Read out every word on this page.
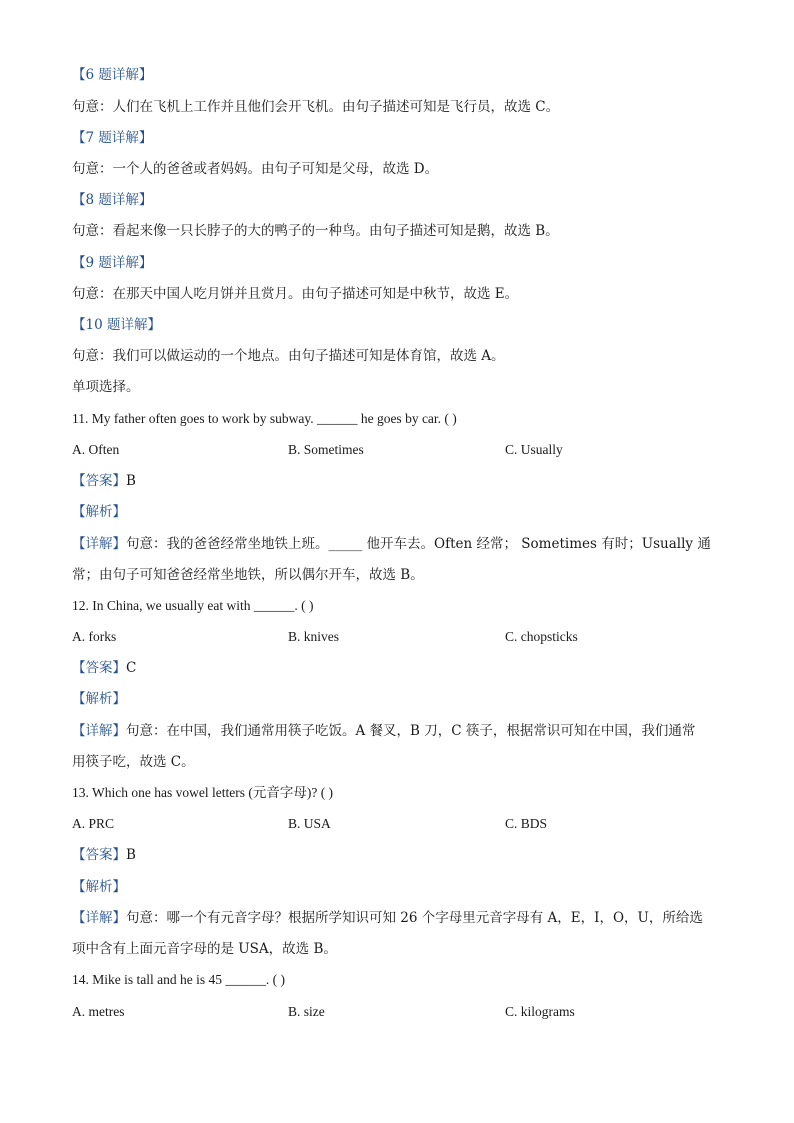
【6 题详解】
句意：人们在飞机上工作并且他们会开飞机。由句子描述可知是飞行员，故选 C。
【7 题详解】
句意：一个人的爸爸或者妈妈。由句子可知是父母，故选 D。
【8 题详解】
句意：看起来像一只长脖子的大的鸭子的一种鸟。由句子描述可知是鹅，故选 B。
【9 题详解】
句意：在那天中国人吃月饼并且赏月。由句子描述可知是中秋节，故选 E。
【10 题详解】
句意：我们可以做运动的一个地点。由句子描述可知是体育馆，故选 A。
单项选择。
11. My father often goes to work by subway. ______ he goes by car. ( )
A. Often	B. Sometimes	C. Usually
【答案】B
【解析】
【详解】句意：我的爸爸经常坐地铁上班。_____ 他开车去。Often 经常； Sometimes 有时；Usually 通
常；由句子可知爸爸经常坐地铁，所以偶尔开车，故选 B。
12. In China, we usually eat with ______. ( )
A. forks	B. knives	C. chopsticks
【答案】C
【解析】
【详解】句意：在中国，我们通常用筷子吃饭。A 餐叉，B 刀，C 筷子，根据常识可知在中国，我们通常
用筷子吃，故选 C。
13. Which one has vowel letters (元音字母)? ( )
A. PRC	B. USA	C. BDS
【答案】B
【解析】
【详解】句意：哪一个有元音字母？根据所学知识可知 26 个字母里元音字母有 A，E，I，O，U，所给选
项中含有上面元音字母的是 USA，故选 B。
14. Mike is tall and he is 45 ______. ( )
A. metres	B. size	C. kilograms
